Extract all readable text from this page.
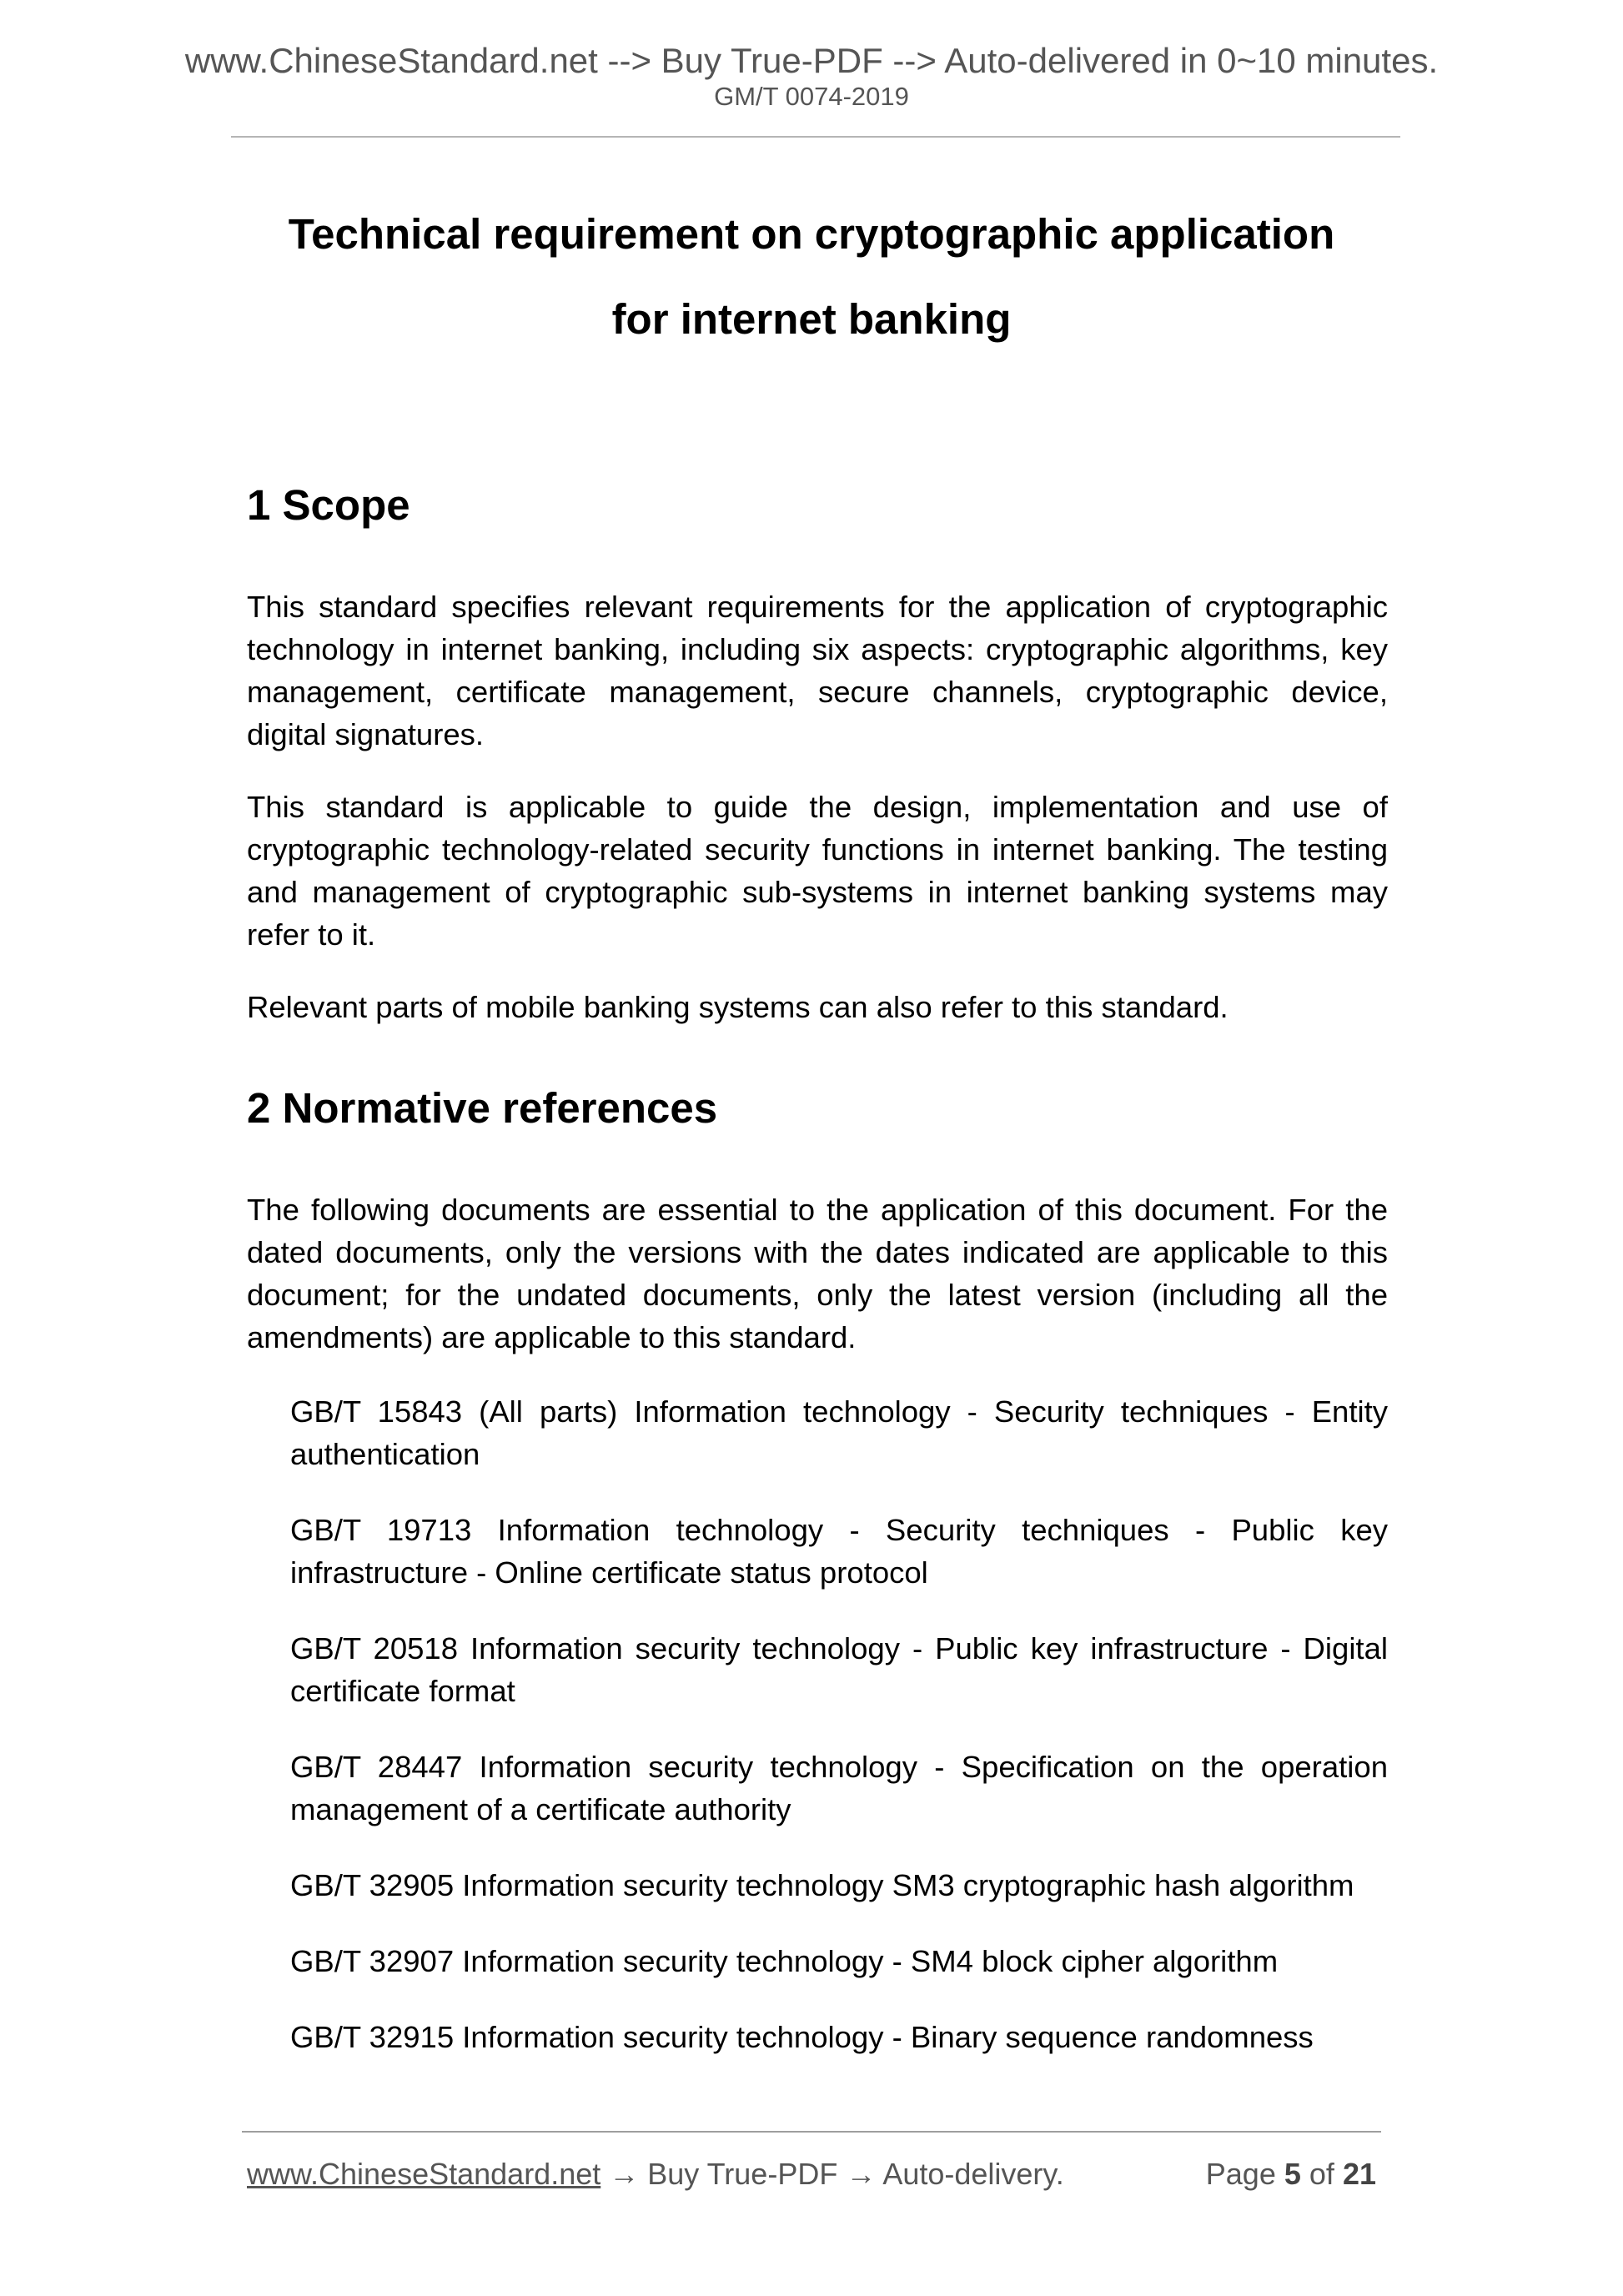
www.ChineseStandard.net --> Buy True-PDF --> Auto-delivered in 0~10 minutes.
GM/T 0074-2019
Technical requirement on cryptographic application
for internet banking
1 Scope

This standard specifies relevant requirements for the application of cryptographic technology in internet banking, including six aspects: cryptographic algorithms, key management, certificate management, secure channels, cryptographic device, digital signatures.

This standard is applicable to guide the design, implementation and use of cryptographic technology-related security functions in internet banking. The testing and management of cryptographic sub-systems in internet banking systems may refer to it.

Relevant parts of mobile banking systems can also refer to this standard.

2 Normative references

The following documents are essential to the application of this document. For the dated documents, only the versions with the dates indicated are applicable to this document; for the undated documents, only the latest version (including all the amendments) are applicable to this standard.

GB/T 15843 (All parts) Information technology - Security techniques - Entity authentication
GB/T 19713 Information technology - Security techniques - Public key infrastructure - Online certificate status protocol
GB/T 20518 Information security technology - Public key infrastructure - Digital certificate format
GB/T 28447 Information security technology - Specification on the operation management of a certificate authority
GB/T 32905 Information security technology SM3 cryptographic hash algorithm
GB/T 32907 Information security technology - SM4 block cipher algorithm
GB/T 32915 Information security technology - Binary sequence randomness
www.ChineseStandard.net → Buy True-PDF → Auto-delivery.	Page 5 of 21
